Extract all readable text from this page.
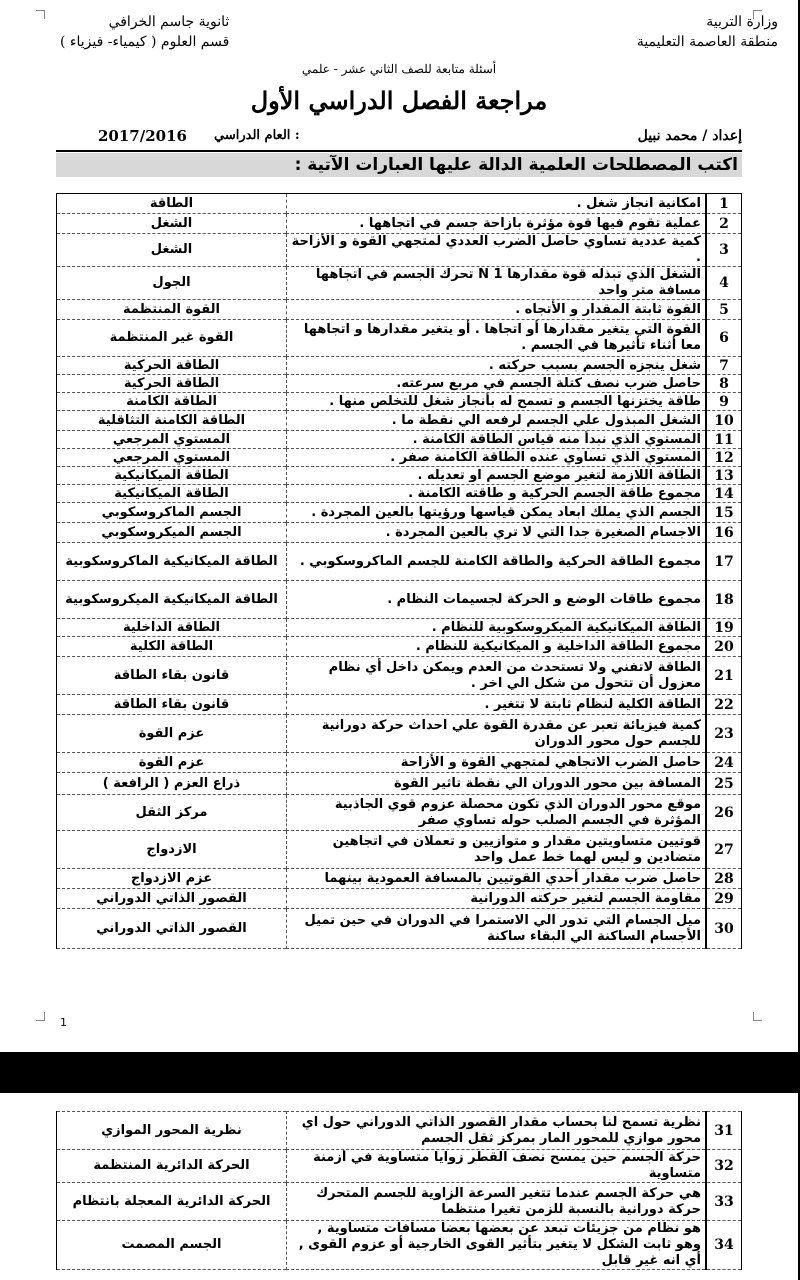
وزارة التربية
منطقة العاصمة التعليمية
ثانوية جاسم الخرافي
قسم العلوم ( كيمياء- فيزياء )
أسئلة متابعة للصف الثاني عشر - علمي
مراجعة الفصل الدراسي الأول
إعداد / محمد نبيل
العام الدراسي :
2017/2016
اكتب المصطلحات العلمية الدالة عليها العبارات الآتية :
1	امكانية انجاز شغل .	الطاقة
2	عملية تقوم فيها قوة مؤثرة بازاحة جسم في اتجاهها .	الشغل
3	كمية عددية تساوي حاصل الضرب العددي لمتجهي القوة و الأزاحة .	الشغل
4	الشغل الذي تبذله قوة مقدارها N 1 تحرك الجسم في اتجاهها مسافة متر واحد	الجول
5	القوة ثابتة المقدار و الأتجاه .	القوة المنتظمة
6	القوة التي يتغير مقدارها أو اتجاها . أو يتغير مقدارها و اتجاهها معا أثناء تأثيرها في الجسم .	القوة غير المنتظمة
7	شغل ينجزه الجسم بسبب حركته .	الطاقة الحركية
8	حاصل ضرب نصف كتلة الجسم في مربع سرعته.	الطاقة الحركية
9	طاقة يختزنها الجسم و تسمح له بأنجاز شغل للتخلص منها .	الطاقة الكامنة
10	الشغل المبذول علي الجسم لرفعه الي نقطة ما .	الطاقة الكامنة التثاقلية
11	المستوي الذي نبدأ منه قياس الطاقة الكامنة .	المستوي المرجعي
12	المستوي الذي تساوي عنده الطاقة الكامنة صفر .	المستوي المرجعي
13	الطاقة اللازمة لتغير موضع الجسم او تعديله .	الطاقة الميكانيكية
14	مجموع طاقة الجسم الحركية و طاقته الكامنة .	الطاقة الميكانيكية
15	الجسم الذي يملك ابعاد يمكن قياسها ورؤيتها بالعين المجردة .	الجسم الماكروسكوبي
16	الاجسام الصغيرة جدا التي لا تري بالعين المجردة .	الجسم الميكروسكوبي
17	مجموع الطاقة الحركية والطاقة الكامنة للجسم الماكروسكوبي .	الطاقة الميكانيكية الماكروسكوبية
18	مجموع طاقات الوضع و الحركة لجسيمات النظام .	الطاقة الميكانيكية الميكروسكوبية
19	الطاقة الميكانيكية الميكروسكوبية للنظام .	الطاقة الداخلية
20	مجموع الطاقة الداخلية و الميكانيكية للنظام .	الطاقة الكلية
21	الطاقة لاتفني ولا تستحدث من العدم ويمكن داخل أي نظام معزول أن تتحول من شكل الي اخر .	قانون بقاء الطاقة
22	الطاقة الكلية لنظام ثابتة لا تتغير .	قانون بقاء الطاقة
23	كمية فيزيائة تعبر عن مقدرة القوة علي احداث حركة دورانية للجسم حول محور الدوران	عزم القوة
24	حاصل الضرب الاتجاهي لمتجهي القوة و الأزاحة	عزم القوة
25	المسافة بين محور الدوران الي نقطة تاثير القوة	ذراع العزم ( الرافعة )
26	موقع محور الدوران الذي تكون محصلة عزوم قوي الجاذبية المؤثرة في الجسم الصلب حوله تساوي صفر	مركز الثقل
27	قوتيين متساويتين مقدار و متوازيين و تعملان في اتجاهين متضادين و ليس لهما خط عمل واحد	الازدواج
28	حاصل ضرب مقدار أحدي القوتيين بالمسافة العمودية بينهما	عزم الازدواج
29	مقاومة الجسم لتغير حركته الدورانية	القصور الذاتي الدوراني
30	ميل الجسام التي تدور الي الاستمرا في الدوران في حين تميل الأجسام الساكنة الي البقاء ساكنة	القصور الذاتي الدوراني
1
31	نظرية تسمح لنا بحساب مقدار القصور الذاتي الدوراني حول اي محور موازي للمحور المار بمركز ثقل الجسم	نظرية المحور الموازي
32	حركة الجسم حين يمسح نصف القطر زوايا متساوية في أزمنة متساوية	الحركة الدائرية المنتظمة
33	هي حركة الجسم عندما تتغير السرعة الزاوية للجسم المتحرك حركة دورانية بالنسبة للزمن تغيرا منتظما	الحركة الدائرية المعجلة بانتظام
34	هو نظام من جزيئات تبعد عن بعضها بعضا مسافات متساوية , وهو ثابت الشكل لا يتغير بتأثير القوى الخارجية أو عزوم القوى , أي انه غير قابل	الجسم المصمت
